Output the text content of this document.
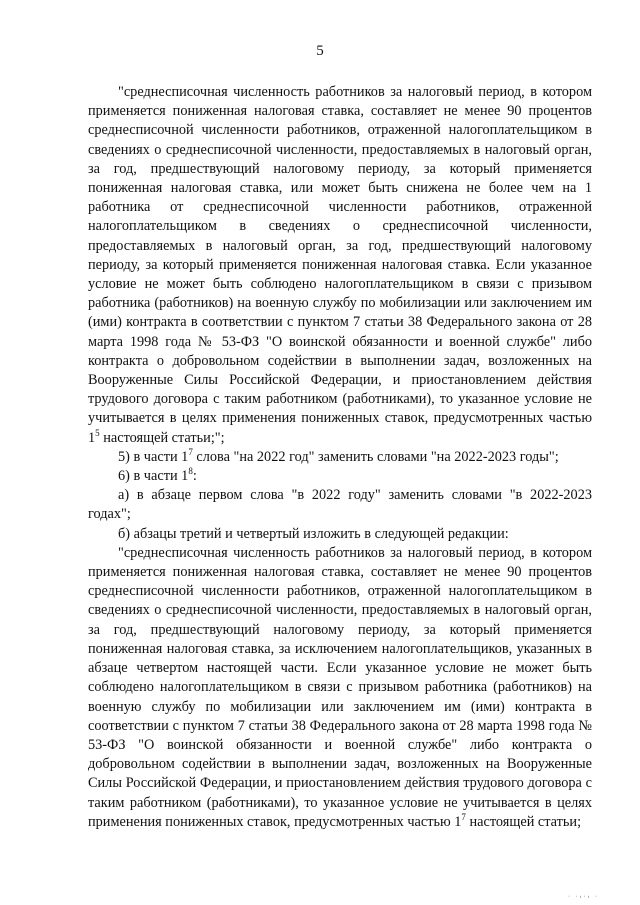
5

"среднесписочная численность работников за налоговый период, в котором применяется пониженная налоговая ставка, составляет не менее 90 процентов среднесписочной численности работников, отраженной налогоплательщиком в сведениях о среднесписочной численности, предоставляемых в налоговый орган, за год, предшествующий налоговому периоду, за который применяется пониженная налоговая ставка, или может быть снижена не более чем на 1 работника от среднесписочной численности работников, отраженной налогоплательщиком в сведениях о среднесписочной численности, предоставляемых в налоговый орган, за год, предшествующий налоговому периоду, за который применяется пониженная налоговая ставка. Если указанное условие не может быть соблюдено налогоплательщиком в связи с призывом работника (работников) на военную службу по мобилизации или заключением им (ими) контракта в соответствии с пунктом 7 статьи 38 Федерального закона от 28 марта 1998 года № 53-ФЗ "О воинской обязанности и военной службе" либо контракта о добровольном содействии в выполнении задач, возложенных на Вооруженные Силы Российской Федерации, и приостановлением действия трудового договора с таким работником (работниками), то указанное условие не учитывается в целях применения пониженных ставок, предусмотренных частью $1^5$ настоящей статьи;";

5) в части $1^7$ слова "на 2022 год" заменить словами "на 2022-2023 годы";

6) в части $1^8$:

а) в абзаце первом слова "в 2022 году" заменить словами "в 2022-2023 годах";

б) абзацы третий и четвертый изложить в следующей редакции:

"среднесписочная численность работников за налоговый период, в котором применяется пониженная налоговая ставка, составляет не менее 90 процентов среднесписочной численности работников, отраженной налогоплательщиком в сведениях о среднесписочной численности, предоставляемых в налоговый орган, за год, предшествующий налоговому периоду, за который применяется пониженная налоговая ставка, за исключением налогоплательщиков, указанных в абзаце четвертом настоящей части. Если указанное условие не может быть соблюдено налогоплательщиком в связи с призывом работника (работников) на военную службу по мобилизации или заключением им (ими) контракта в соответствии с пунктом 7 статьи 38 Федерального закона от 28 марта 1998 года № 53-ФЗ "О воинской обязанности и военной службе" либо контракта о добровольном содействии в выполнении задач, возложенных на Вооруженные Силы Российской Федерации, и приостановлением действия трудового договора с таким работником (работниками), то указанное условие не учитывается в целях применения пониженных ставок, предусмотренных частью $1^7$ настоящей статьи;

· ·‹·› ·
